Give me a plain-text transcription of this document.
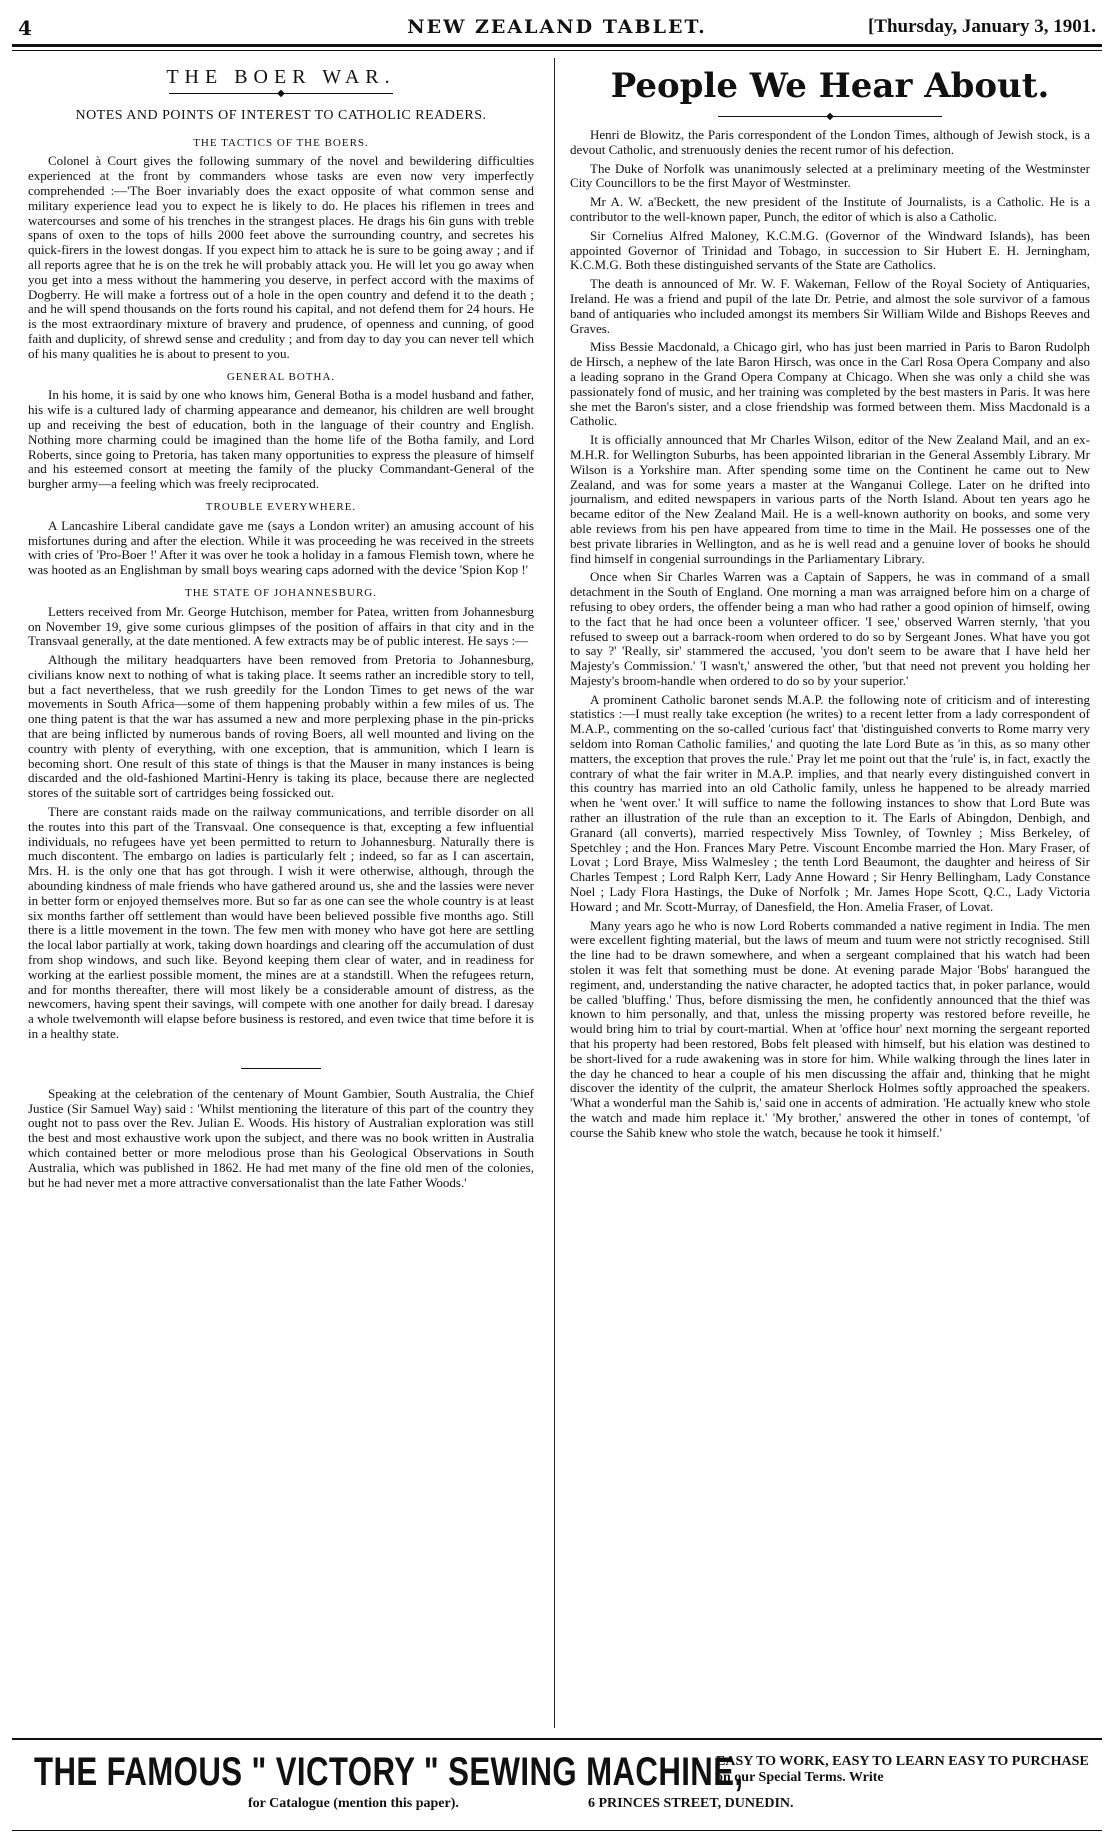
4	NEW ZEALAND TABLET.	[Thursday, January 3, 1901.
THE BOER WAR.
◆
NOTES AND POINTS OF INTEREST TO CATHOLIC READERS.
THE TACTICS OF THE BOERS.

Colonel à Court gives the following summary of the novel and bewildering difficulties experienced at the front by commanders whose tasks are even now very imperfectly comprehended :—'The Boer invariably does the exact opposite of what common sense and military experience lead you to expect he is likely to do. He places his riflemen in trees and watercourses and some of his trenches in the strangest places. He drags his 6in guns with treble spans of oxen to the tops of hills 2000 feet above the surrounding country, and secretes his quick-firers in the lowest dongas. If you expect him to attack he is sure to be going away ; and if all reports agree that he is on the trek he will probably attack you. He will let you go away when you get into a mess without the hammering you deserve, in perfect accord with the maxims of Dogberry. He will make a fortress out of a hole in the open country and defend it to the death ; and he will spend thousands on the forts round his capital, and not defend them for 24 hours. He is the most extraordinary mixture of bravery and prudence, of openness and cunning, of good faith and duplicity, of shrewd sense and credulity ; and from day to day you can never tell which of his many qualities he is about to present to you.

GENERAL BOTHA.

In his home, it is said by one who knows him, General Botha is a model husband and father, his wife is a cultured lady of charming appearance and demeanor, his children are well brought up and receiving the best of education, both in the language of their country and English. Nothing more charming could be imagined than the home life of the Botha family, and Lord Roberts, since going to Pretoria, has taken many opportunities to express the pleasure of himself and his esteemed consort at meeting the family of the plucky Commandant-General of the burgher army—a feeling which was freely reciprocated.

TROUBLE EVERYWHERE.

A Lancashire Liberal candidate gave me (says a London writer) an amusing account of his misfortunes during and after the election. While it was proceeding he was received in the streets with cries of 'Pro-Boer !' After it was over he took a holiday in a famous Flemish town, where he was hooted as an Englishman by small boys wearing caps adorned with the device 'Spion Kop !'

THE STATE OF JOHANNESBURG.

Letters received from Mr. George Hutchison, member for Patea, written from Johannesburg on November 19, give some curious glimpses of the position of affairs in that city and in the Transvaal generally, at the date mentioned. A few extracts may be of public interest. He says :—

Although the military headquarters have been removed from Pretoria to Johannesburg, civilians know next to nothing of what is taking place. It seems rather an incredible story to tell, but a fact nevertheless, that we rush greedily for the London Times to get news of the war movements in South Africa—some of them happening probably within a few miles of us. The one thing patent is that the war has assumed a new and more perplexing phase in the pin-pricks that are being inflicted by numerous bands of roving Boers, all well mounted and living on the country with plenty of everything, with one exception, that is ammunition, which I learn is becoming short. One result of this state of things is that the Mauser in many instances is being discarded and the old-fashioned Martini-Henry is taking its place, because there are neglected stores of the suitable sort of cartridges being fossicked out.

There are constant raids made on the railway communications, and terrible disorder on all the routes into this part of the Transvaal. One consequence is that, excepting a few influential individuals, no refugees have yet been permitted to return to Johannesburg. Naturally there is much discontent. The embargo on ladies is particularly felt ; indeed, so far as I can ascertain, Mrs. H. is the only one that has got through. I wish it were otherwise, although, through the abounding kindness of male friends who have gathered around us, she and the lassies were never in better form or enjoyed themselves more. But so far as one can see the whole country is at least six months farther off settlement than would have been believed possible five months ago. Still there is a little movement in the town. The few men with money who have got here are settling the local labor partially at work, taking down hoardings and clearing off the accumulation of dust from shop windows, and such like. Beyond keeping them clear of water, and in readiness for working at the earliest possible moment, the mines are at a standstill. When the refugees return, and for months thereafter, there will most likely be a considerable amount of distress, as the newcomers, having spent their savings, will compete with one another for daily bread. I daresay a whole twelvemonth will elapse before business is restored, and even twice that time before it is in a healthy state.

Speaking at the celebration of the centenary of Mount Gambier, South Australia, the Chief Justice (Sir Samuel Way) said : 'Whilst mentioning the literature of this part of the country they ought not to pass over the Rev. Julian E. Woods. His history of Australian exploration was still the best and most exhaustive work upon the subject, and there was no book written in Australia which contained better or more melodious prose than his Geological Observations in South Australia, which was published in 1862. He had met many of the fine old men of the colonies, but he had never met a more attractive conversationalist than the late Father Woods.'

People We Hear About.
◆

Henri de Blowitz, the Paris correspondent of the London Times, although of Jewish stock, is a devout Catholic, and strenuously denies the recent rumor of his defection.

The Duke of Norfolk was unanimously selected at a preliminary meeting of the Westminster City Councillors to be the first Mayor of Westminster.

Mr A. W. a'Beckett, the new president of the Institute of Journalists, is a Catholic. He is a contributor to the well-known paper, Punch, the editor of which is also a Catholic.

Sir Cornelius Alfred Maloney, K.C.M.G. (Governor of the Windward Islands), has been appointed Governor of Trinidad and Tobago, in succession to Sir Hubert E. H. Jerningham, K.C.M.G. Both these distinguished servants of the State are Catholics.

The death is announced of Mr. W. F. Wakeman, Fellow of the Royal Society of Antiquaries, Ireland. He was a friend and pupil of the late Dr. Petrie, and almost the sole survivor of a famous band of antiquaries who included amongst its members Sir William Wilde and Bishops Reeves and Graves.

Miss Bessie Macdonald, a Chicago girl, who has just been married in Paris to Baron Rudolph de Hirsch, a nephew of the late Baron Hirsch, was once in the Carl Rosa Opera Company and also a leading soprano in the Grand Opera Company at Chicago. When she was only a child she was passionately fond of music, and her training was completed by the best masters in Paris. It was here she met the Baron's sister, and a close friendship was formed between them. Miss Macdonald is a Catholic.

It is officially announced that Mr Charles Wilson, editor of the New Zealand Mail, and an ex-M.H.R. for Wellington Suburbs, has been appointed librarian in the General Assembly Library. Mr Wilson is a Yorkshire man. After spending some time on the Continent he came out to New Zealand, and was for some years a master at the Wanganui College. Later on he drifted into journalism, and edited newspapers in various parts of the North Island. About ten years ago he became editor of the New Zealand Mail. He is a well-known authority on books, and some very able reviews from his pen have appeared from time to time in the Mail. He possesses one of the best private libraries in Wellington, and as he is well read and a genuine lover of books he should find himself in congenial surroundings in the Parliamentary Library.

Once when Sir Charles Warren was a Captain of Sappers, he was in command of a small detachment in the South of England. One morning a man was arraigned before him on a charge of refusing to obey orders, the offender being a man who had rather a good opinion of himself, owing to the fact that he had once been a volunteer officer. 'I see,' observed Warren sternly, 'that you refused to sweep out a barrack-room when ordered to do so by Sergeant Jones. What have you got to say ?' 'Really, sir' stammered the accused, 'you don't seem to be aware that I have held her Majesty's Commission.' 'I wasn't,' answered the other, 'but that need not prevent you holding her Majesty's broom-handle when ordered to do so by your superior.'

A prominent Catholic baronet sends M.A.P. the following note of criticism and of interesting statistics :—I must really take exception (he writes) to a recent letter from a lady correspondent of M.A.P., commenting on the so-called 'curious fact' that 'distinguished converts to Rome marry very seldom into Roman Catholic families,' and quoting the late Lord Bute as 'in this, as so many other matters, the exception that proves the rule.' Pray let me point out that the 'rule' is, in fact, exactly the contrary of what the fair writer in M.A.P. implies, and that nearly every distinguished convert in this country has married into an old Catholic family, unless he happened to be already married when he 'went over.' It will suffice to name the following instances to show that Lord Bute was rather an illustration of the rule than an exception to it. The Earls of Abingdon, Denbigh, and Granard (all converts), married respectively Miss Townley, of Townley ; Miss Berkeley, of Spetchley ; and the Hon. Frances Mary Petre. Viscount Encombe married the Hon. Mary Fraser, of Lovat ; Lord Braye, Miss Walmesley ; the tenth Lord Beaumont, the daughter and heiress of Sir Charles Tempest ; Lord Ralph Kerr, Lady Anne Howard ; Sir Henry Bellingham, Lady Constance Noel ; Lady Flora Hastings, the Duke of Norfolk ; Mr. James Hope Scott, Q.C., Lady Victoria Howard ; and Mr. Scott-Murray, of Danesfield, the Hon. Amelia Fraser, of Lovat.

Many years ago he who is now Lord Roberts commanded a native regiment in India. The men were excellent fighting material, but the laws of meum and tuum were not strictly recognised. Still the line had to be drawn somewhere, and when a sergeant complained that his watch had been stolen it was felt that something must be done. At evening parade Major 'Bobs' harangued the regiment, and, understanding the native character, he adopted tactics that, in poker parlance, would be called 'bluffing.' Thus, before dismissing the men, he confidently announced that the thief was known to him personally, and that, unless the missing property was restored before reveille, he would bring him to trial by court-martial. When at 'office hour' next morning the sergeant reported that his property had been restored, Bobs felt pleased with himself, but his elation was destined to be short-lived for a rude awakening was in store for him. While walking through the lines later in the day he chanced to hear a couple of his men discussing the affair and, thinking that he might discover the identity of the culprit, the amateur Sherlock Holmes softly approached the speakers. 'What a wonderful man the Sahib is,' said one in accents of admiration. 'He actually knew who stole the watch and made him replace it.' 'My brother,' answered the other in tones of contempt, 'of course the Sahib knew who stole the watch, because he took it himself.'

THE FAMOUS " VICTORY " SEWING MACHINE,
EASY TO WORK, EASY TO LEARN EASY TO PURCHASE on our Special Terms. Write
for Catalogue (mention this paper).	6 PRINCES STREET, DUNEDIN.
